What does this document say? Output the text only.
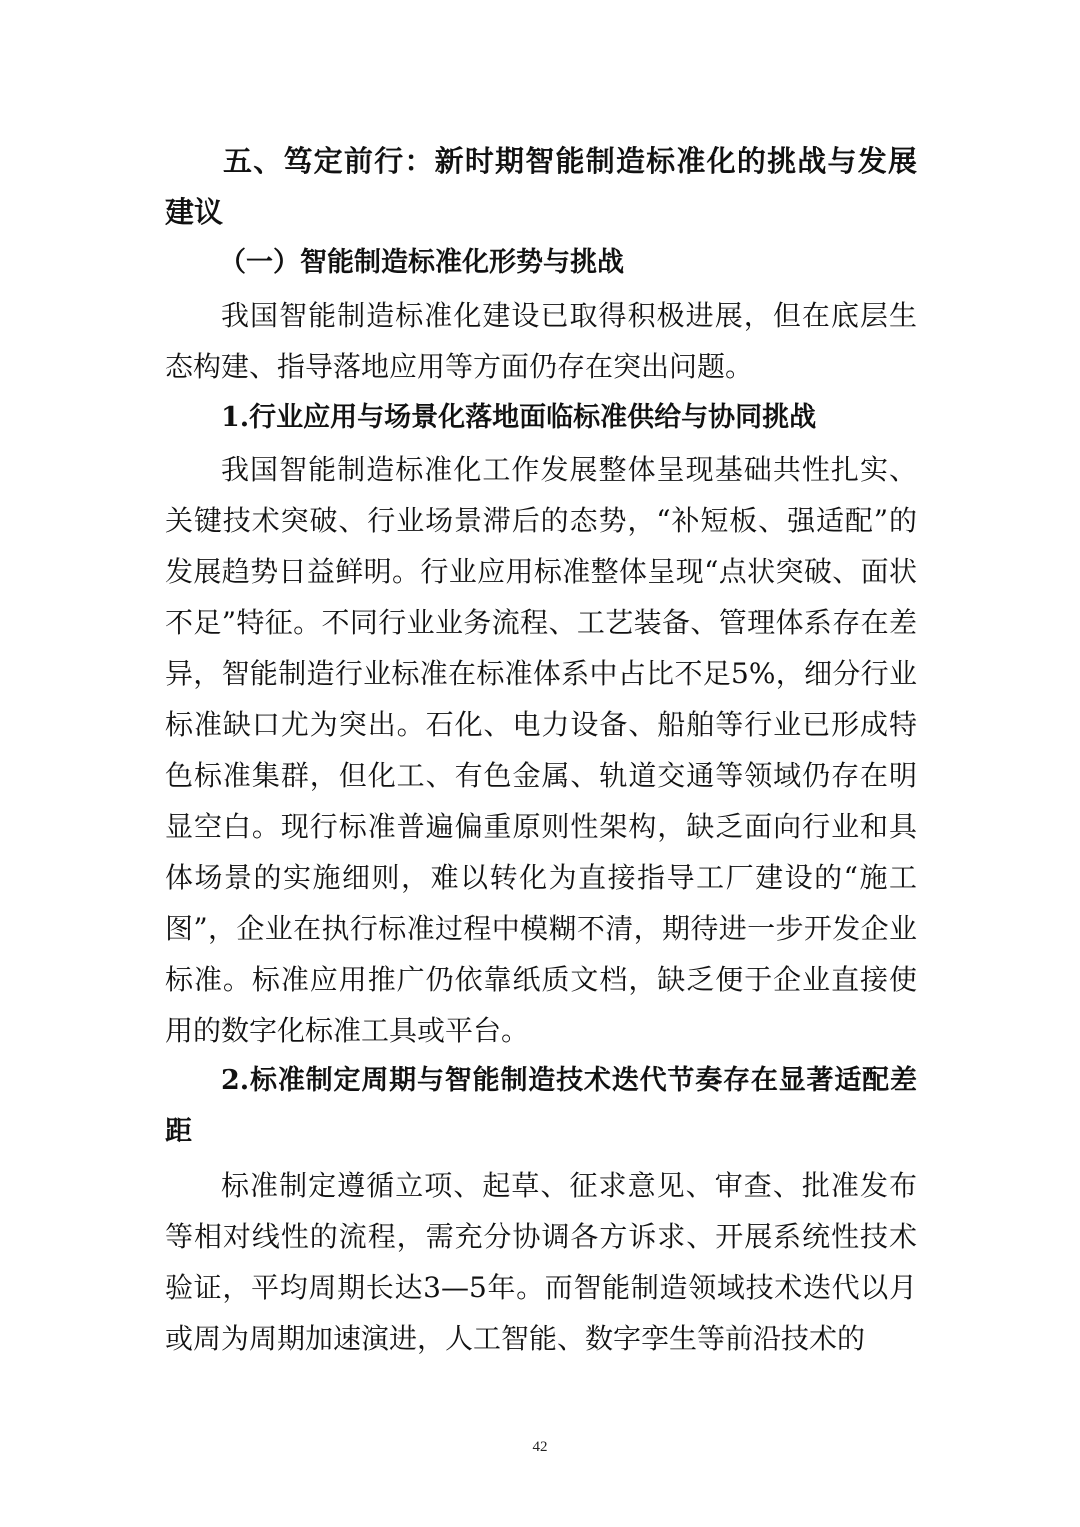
五、笃定前行：新时期智能制造标准化的挑战与发展建议

（一）智能制造标准化形势与挑战

我国智能制造标准化建设已取得积极进展，但在底层生态构建、指导落地应用等方面仍存在突出问题。

1.行业应用与场景化落地面临标准供给与协同挑战

我国智能制造标准化工作发展整体呈现基础共性扎实、关键技术突破、行业场景滞后的态势，“补短板、强适配”的发展趋势日益鲜明。行业应用标准整体呈现“点状突破、面状不足”特征。不同行业业务流程、工艺装备、管理体系存在差异，智能制造行业标准在标准体系中占比不足5%，细分行业标准缺口尤为突出。石化、电力设备、船舶等行业已形成特色标准集群，但化工、有色金属、轨道交通等领域仍存在明显空白。现行标准普遍偏重原则性架构，缺乏面向行业和具体场景的实施细则，难以转化为直接指导工厂建设的“施工图”，企业在执行标准过程中模糊不清，期待进一步开发企业标准。标准应用推广仍依靠纸质文档，缺乏便于企业直接使用的数字化标准工具或平台。

2.标准制定周期与智能制造技术迭代节奏存在显著适配差距

标准制定遵循立项、起草、征求意见、审查、批准发布等相对线性的流程，需充分协调各方诉求、开展系统性技术验证，平均周期长达3—5年。而智能制造领域技术迭代以月或周为周期加速演进，人工智能、数字孪生等前沿技术的

42
